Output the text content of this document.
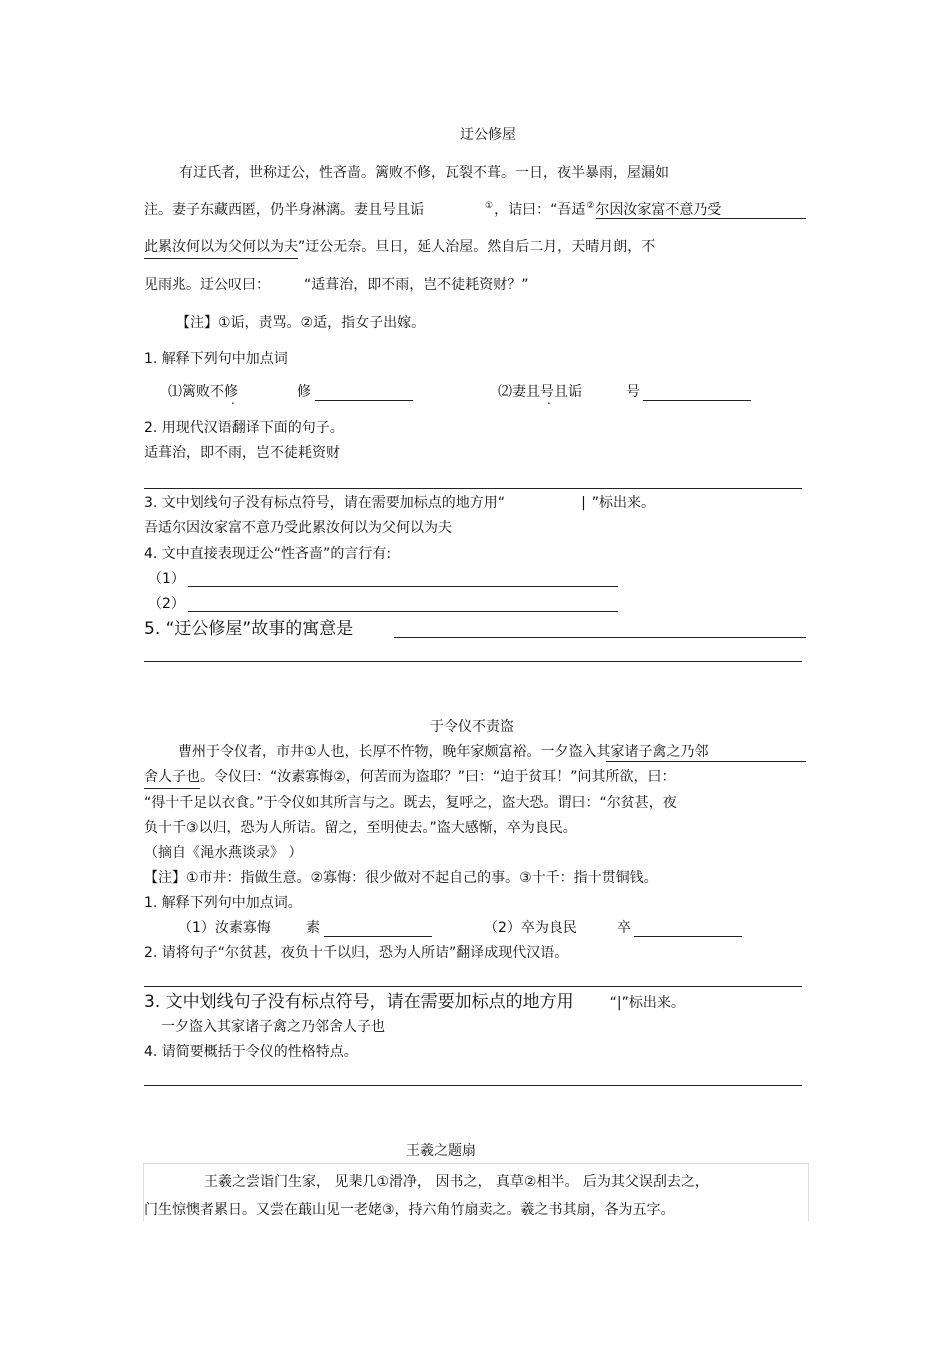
迂公修屋
有迂氏者，世称迂公，性吝啬。篱败不修，瓦裂不葺。一日，夜半暴雨，屋漏如
注。妻子东藏西匿，仍半身淋漓。妻且号且诟	①，诘曰：“吾适②尔因汝家富不意乃受
此累汝何以为父何以为夫”迂公无奈。旦日，延人治屋。然自后二月，天晴月朗，不
见雨兆。迂公叹曰： “适葺治，即不雨，岂不徒耗资财？”
【注】①诟，责骂。②适，指女子出嫁。
1. 解释下列句中加点词
⑴篱败不修	修	⑵妻且号且诟	号
2. 用现代汉语翻译下面的句子。
适葺治，即不雨，岂不徒耗资财
3. 文中划线句子没有标点符号，请在需要加标点的地方用“	| ”标出来。
吾适尔因汝家富不意乃受此累汝何以为父何以为夫
4. 文中直接表现迂公“性吝啬”的言行有:
（1）
（2）
5. “迂公修屋”故事的寓意是
于令仪不责盗
曹州于令仪者，市井①人也，长厚不忤物，晚年家颇富裕。一夕盗入其家诸子禽之乃邻
舍人子也。令仪曰：“汝素寡悔②，何苦而为盗耶？”曰：“迫于贫耳！”问其所欲，曰：
“得十千足以衣食。”于令仪如其所言与之。既去，复呼之，盗大恐。谓曰：“尔贫甚，夜
负十千③以归，恐为人所诘。留之，至明使去。”盗大感惭，卒为良民。
（摘自《渑水燕谈录》 ）
【注】①市井：指做生意。②寡悔：很少做对不起自己的事。③十千：指十贯铜钱。
1. 解释下列句中加点词。
（1）汝素寡悔	素	（2）卒为良民	卒
2. 请将句子“尔贫甚，夜负十千以归，恐为人所诘”翻译成现代汉语。
3. 文中划线句子没有标点符号，请在需要加标点的地方用	“|”标出来。
一夕盗入其家诸子禽之乃邻舍人子也
4. 请简要概括于令仪的性格特点。
王羲之题扇
王羲之尝诣门生家， 见棐几①滑净， 因书之， 真草②相半。 后为其父误刮去之，
门生惊懊者累日。又尝在蕺山见一老姥③，持六角竹扇卖之。羲之书其扇，各为五字。
